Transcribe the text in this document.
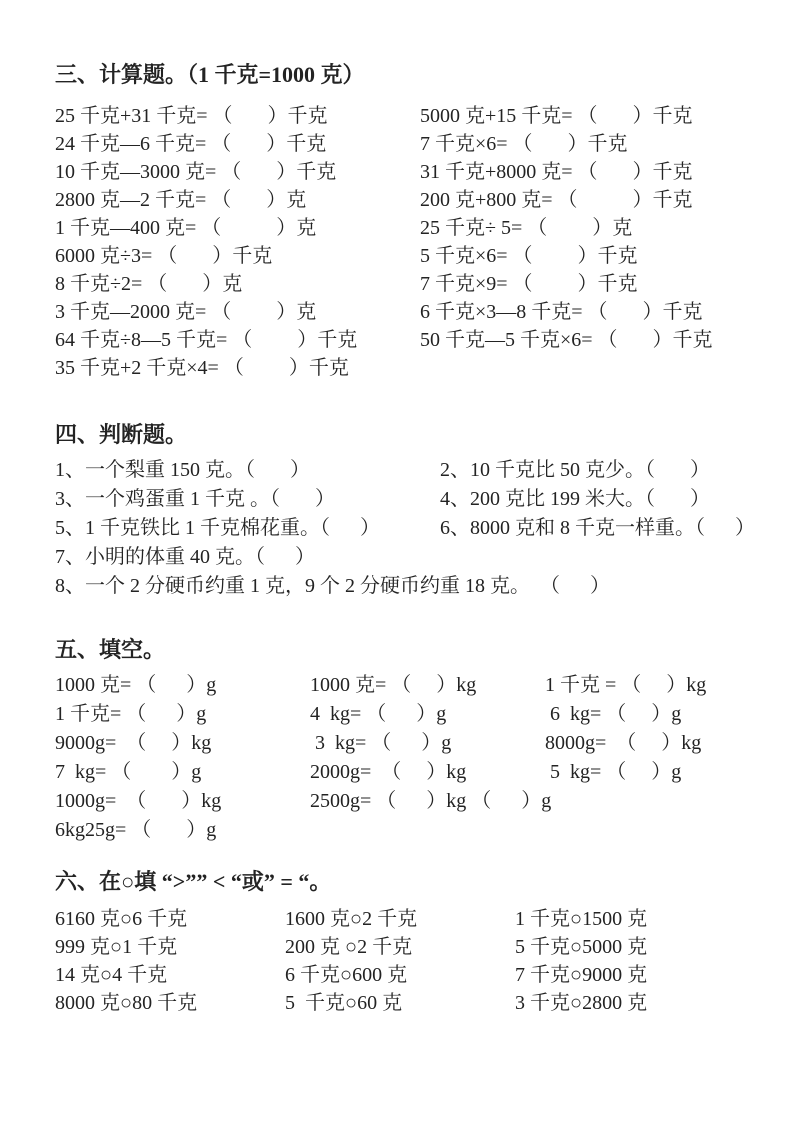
三、计算题。（1 千克=1000 克）
25 千克+31 千克= （       ）千克	5000 克+15 千克= （       ）千克
24 千克—6 千克= （       ）千克	7 千克×6= （       ）千克
10 千克—3000 克= （       ）千克	31 千克+8000 克= （       ）千克
2800 克—2 千克= （       ）克	200 克+800 克= （           ）千克
1 千克—400 克= （           ）克	25 千克÷ 5= （         ）克
6000 克÷3= （       ）千克	5 千克×6= （         ）千克
8 千克÷2= （       ）克	7 千克×9= （         ）千克
3 千克—2000 克= （         ）克	6 千克×3—8 千克= （       ）千克
64 千克÷8—5 千克= （         ）千克	50 千克—5 千克×6= （       ）千克
35 千克+2 千克×4= （         ）千克
四、判断题。
1、一个梨重 150 克。（       ）	2、10 千克比 50 克少。（       ）
3、一个鸡蛋重 1 千克 。（       ）	4、200 克比 199 米大。（       ）
5、1 千克铁比 1 千克棉花重。（      ）	6、8000 克和 8 千克一样重。（      ）
7、小明的体重 40 克。（      ）
8、一个 2 分硬币约重 1 克，9 个 2 分硬币约重 18 克。  （      ）
五、填空。
1000 克= （      ）g	1000 克= （     ）kg	1 千克 = （     ）kg
1 千克= （      ）g	4  kg= （      ）g	6  kg= （     ）g
9000g=  （     ）kg	3  kg= （      ）g	8000g=  （     ）kg
7  kg= （        ）g	2000g=  （     ）kg	5  kg= （     ）g
1000g=  （       ）kg	2500g= （      ）kg （      ）g
6kg25g= （       ）g
六、在○填 “>”” < “或” = “。
6160 克○6 千克	1600 克○2 千克	1 千克○1500 克
999 克○1 千克	200 克 ○2 千克	5 千克○5000 克
14 克○4 千克	6 千克○600 克	7 千克○9000 克
8000 克○80 千克	5  千克○60 克	3 千克○2800 克
